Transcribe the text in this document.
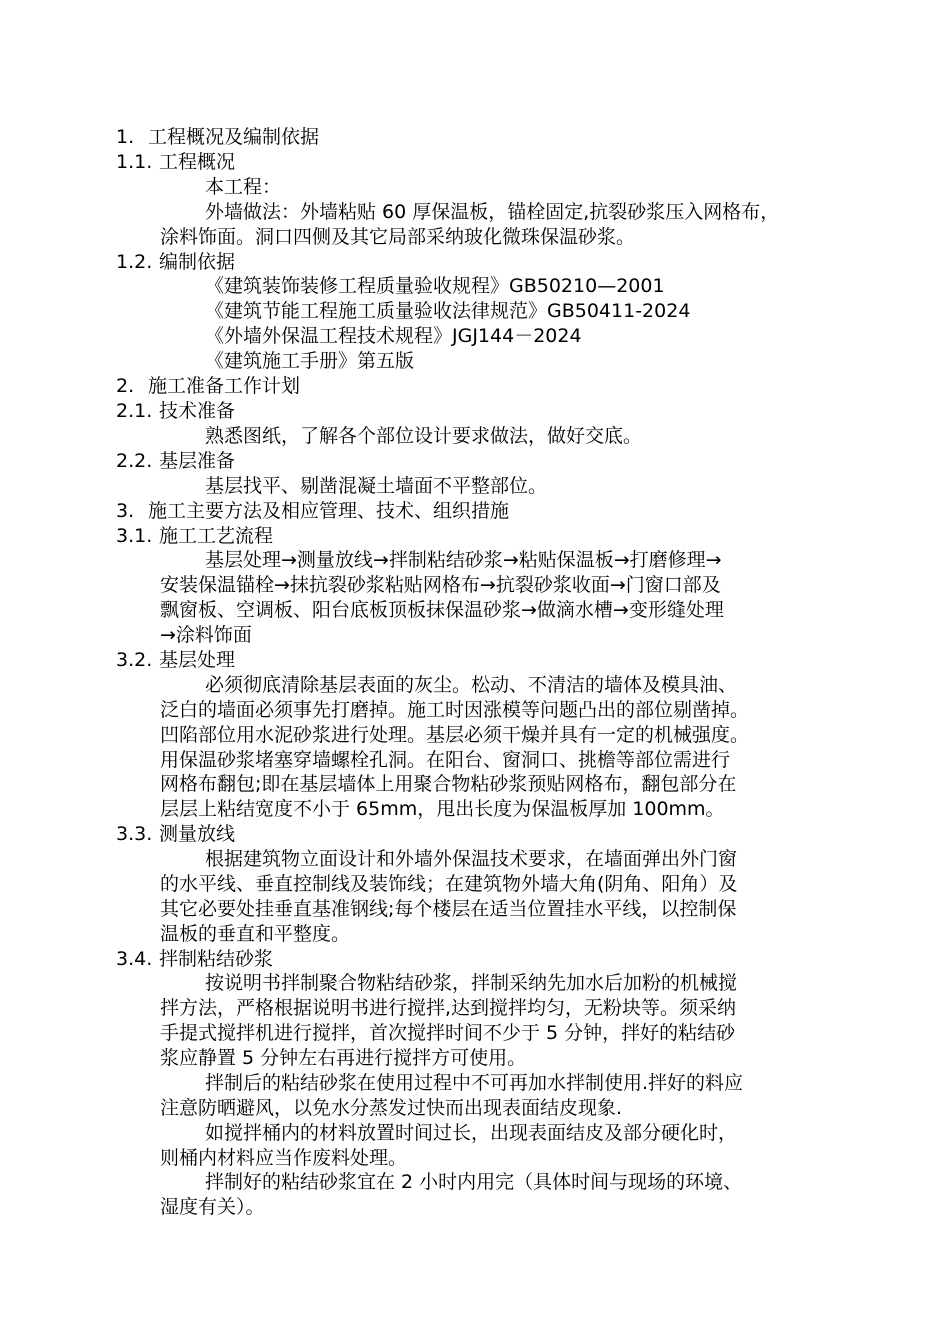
1. 工程概况及编制依据
1.1. 工程概况
本工程：
外墙做法：外墙粘贴 60 厚保温板，锚栓固定,抗裂砂浆压入网格布，
涂料饰面。洞口四侧及其它局部采纳玻化微珠保温砂浆。
1.2. 编制依据
《建筑装饰装修工程质量验收规程》GB50210—2001
《建筑节能工程施工质量验收法律规范》GB50411-2024
《外墙外保温工程技术规程》JGJ144－2024
《建筑施工手册》第五版
2. 施工准备工作计划
2.1. 技术准备
熟悉图纸，了解各个部位设计要求做法，做好交底。
2.2. 基层准备
基层找平、剔凿混凝土墙面不平整部位。
3. 施工主要方法及相应管理、技术、组织措施
3.1. 施工工艺流程
基层处理→测量放线→拌制粘结砂浆→粘贴保温板→打磨修理→
安装保温锚栓→抹抗裂砂浆粘贴网格布→抗裂砂浆收面→门窗口部及
飘窗板、空调板、阳台底板顶板抹保温砂浆→做滴水槽→变形缝处理
→涂料饰面
3.2. 基层处理
必须彻底清除基层表面的灰尘。松动、不清洁的墙体及模具油、
泛白的墙面必须事先打磨掉。施工时因涨模等问题凸出的部位剔凿掉。
凹陷部位用水泥砂浆进行处理。基层必须干燥并具有一定的机械强度。
用保温砂浆堵塞穿墙螺栓孔洞。在阳台、窗洞口、挑檐等部位需进行
网格布翻包;即在基层墙体上用聚合物粘砂浆预贴网格布，翻包部分在
层层上粘结宽度不小于 65mm，甩出长度为保温板厚加 100mm。
3.3. 测量放线
根据建筑物立面设计和外墙外保温技术要求，在墙面弹出外门窗
的水平线、垂直控制线及装饰线；在建筑物外墙大角(阴角、阳角）及
其它必要处挂垂直基准钢线;每个楼层在适当位置挂水平线，以控制保
温板的垂直和平整度。
3.4. 拌制粘结砂浆
按说明书拌制聚合物粘结砂浆，拌制采纳先加水后加粉的机械搅
拌方法，严格根据说明书进行搅拌,达到搅拌均匀，无粉块等。须采纳
手提式搅拌机进行搅拌，首次搅拌时间不少于 5 分钟，拌好的粘结砂
浆应静置 5 分钟左右再进行搅拌方可使用。
拌制后的粘结砂浆在使用过程中不可再加水拌制使用.拌好的料应
注意防晒避风，以免水分蒸发过快而出现表面结皮现象.
如搅拌桶内的材料放置时间过长，出现表面结皮及部分硬化时，
则桶内材料应当作废料处理。
拌制好的粘结砂浆宜在 2 小时内用完（具体时间与现场的环境、
湿度有关）。
